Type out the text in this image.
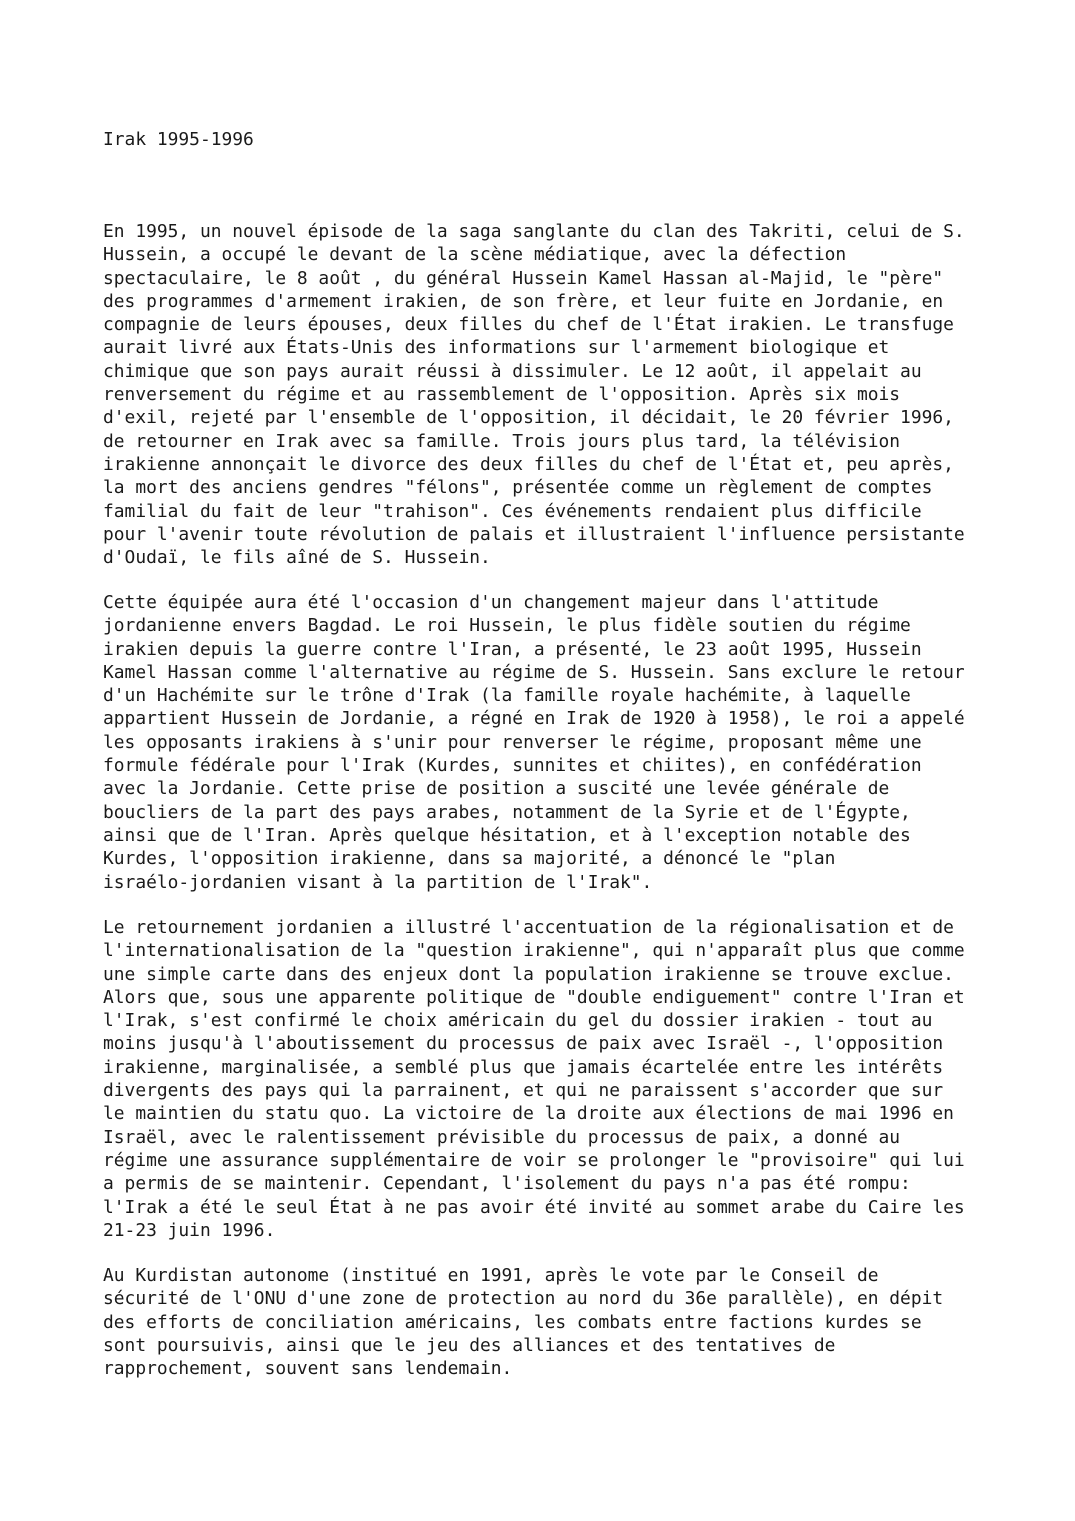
Irak 1995-1996
En 1995, un nouvel épisode de la saga sanglante du clan des Takriti, celui de S.
Hussein, a occupé le devant de la scène médiatique, avec la défection
spectaculaire, le 8 août , du général Hussein Kamel Hassan al-Majid, le "père"
des programmes d'armement irakien, de son frère, et leur fuite en Jordanie, en
compagnie de leurs épouses, deux filles du chef de l'État irakien. Le transfuge
aurait livré aux États-Unis des informations sur l'armement biologique et
chimique que son pays aurait réussi à dissimuler. Le 12 août, il appelait au
renversement du régime et au rassemblement de l'opposition. Après six mois
d'exil, rejeté par l'ensemble de l'opposition, il décidait, le 20 février 1996,
de retourner en Irak avec sa famille. Trois jours plus tard, la télévision
irakienne annonçait le divorce des deux filles du chef de l'État et, peu après,
la mort des anciens gendres "félons", présentée comme un règlement de comptes
familial du fait de leur "trahison". Ces événements rendaient plus difficile
pour l'avenir toute révolution de palais et illustraient l'influence persistante
d'Oudaï, le fils aîné de S. Hussein.
Cette équipée aura été l'occasion d'un changement majeur dans l'attitude
jordanienne envers Bagdad. Le roi Hussein, le plus fidèle soutien du régime
irakien depuis la guerre contre l'Iran, a présenté, le 23 août 1995, Hussein
Kamel Hassan comme l'alternative au régime de S. Hussein. Sans exclure le retour
d'un Hachémite sur le trône d'Irak (la famille royale hachémite, à laquelle
appartient Hussein de Jordanie, a régné en Irak de 1920 à 1958), le roi a appelé
les opposants irakiens à s'unir pour renverser le régime, proposant même une
formule fédérale pour l'Irak (Kurdes, sunnites et chiites), en confédération
avec la Jordanie. Cette prise de position a suscité une levée générale de
boucliers de la part des pays arabes, notamment de la Syrie et de l'Égypte,
ainsi que de l'Iran. Après quelque hésitation, et à l'exception notable des
Kurdes, l'opposition irakienne, dans sa majorité, a dénoncé le "plan
israélo-jordanien visant à la partition de l'Irak".
Le retournement jordanien a illustré l'accentuation de la régionalisation et de
l'internationalisation de la "question irakienne", qui n'apparaît plus que comme
une simple carte dans des enjeux dont la population irakienne se trouve exclue.
Alors que, sous une apparente politique de "double endiguement" contre l'Iran et
l'Irak, s'est confirmé le choix américain du gel du dossier irakien - tout au
moins jusqu'à l'aboutissement du processus de paix avec Israël -, l'opposition
irakienne, marginalisée, a semblé plus que jamais écartelée entre les intérêts
divergents des pays qui la parrainent, et qui ne paraissent s'accorder que sur
le maintien du statu quo. La victoire de la droite aux élections de mai 1996 en
Israël, avec le ralentissement prévisible du processus de paix, a donné au
régime une assurance supplémentaire de voir se prolonger le "provisoire" qui lui
a permis de se maintenir. Cependant, l'isolement du pays n'a pas été rompu:
l'Irak a été le seul État à ne pas avoir été invité au sommet arabe du Caire les
21-23 juin 1996.
Au Kurdistan autonome (institué en 1991, après le vote par le Conseil de
sécurité de l'ONU d'une zone de protection au nord du 36e parallèle), en dépit
des efforts de conciliation américains, les combats entre factions kurdes se
sont poursuivis, ainsi que le jeu des alliances et des tentatives de
rapprochement, souvent sans lendemain.
